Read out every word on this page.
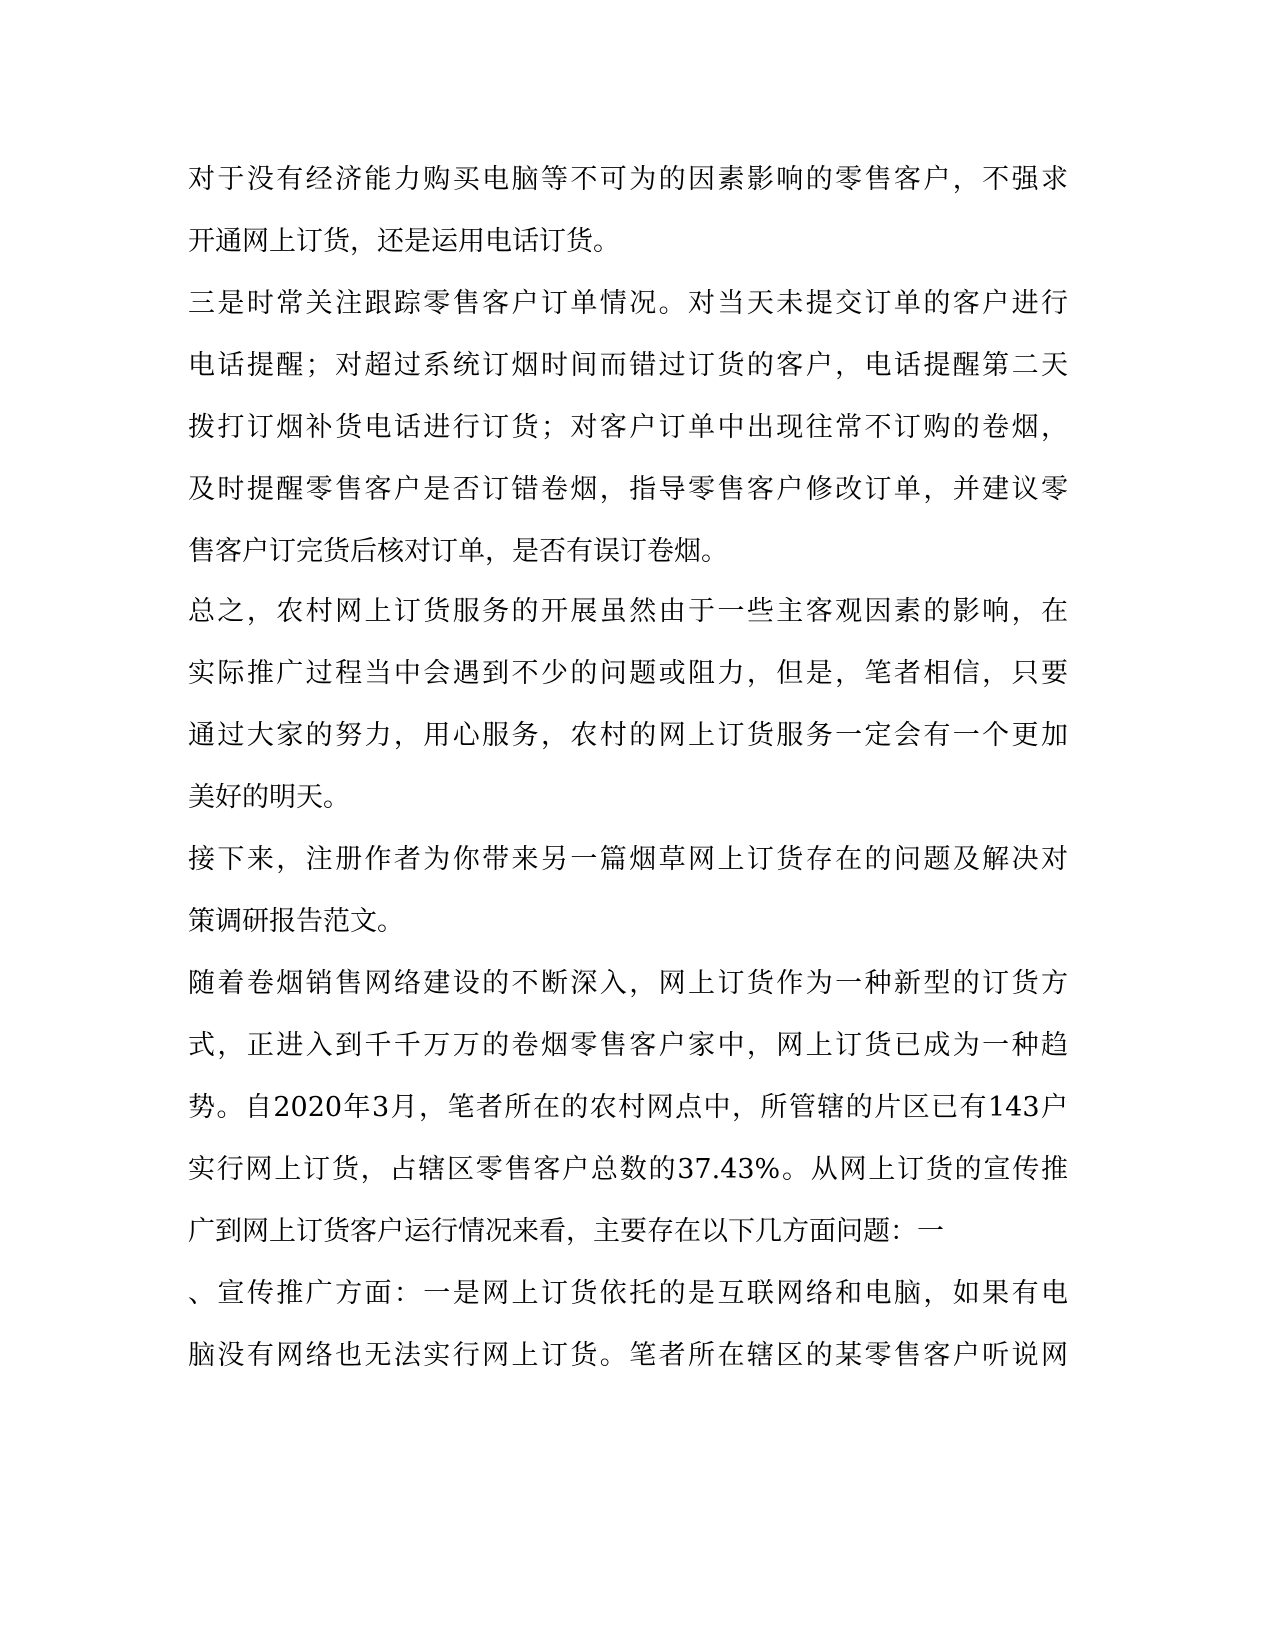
对于没有经济能力购买电脑等不可为的因素影响的零售客户，不强求
开通网上订货，还是运用电话订货。
三是时常关注跟踪零售客户订单情况。对当天未提交订单的客户进行
电话提醒；对超过系统订烟时间而错过订货的客户，电话提醒第二天
拨打订烟补货电话进行订货；对客户订单中出现往常不订购的卷烟，
及时提醒零售客户是否订错卷烟，指导零售客户修改订单，并建议零
售客户订完货后核对订单，是否有误订卷烟。
总之，农村网上订货服务的开展虽然由于一些主客观因素的影响，在
实际推广过程当中会遇到不少的问题或阻力，但是，笔者相信，只要
通过大家的努力，用心服务，农村的网上订货服务一定会有一个更加
美好的明天。
接下来，注册作者为你带来另一篇烟草网上订货存在的问题及解决对
策调研报告范文。
随着卷烟销售网络建设的不断深入，网上订货作为一种新型的订货方
式，正进入到千千万万的卷烟零售客户家中，网上订货已成为一种趋
势。自2020年3月，笔者所在的农村网点中，所管辖的片区已有143户
实行网上订货，占辖区零售客户总数的37.43%。从网上订货的宣传推
广到网上订货客户运行情况来看，主要存在以下几方面问题：一
、宣传推广方面：一是网上订货依托的是互联网络和电脑，如果有电
脑没有网络也无法实行网上订货。笔者所在辖区的某零售客户听说网
